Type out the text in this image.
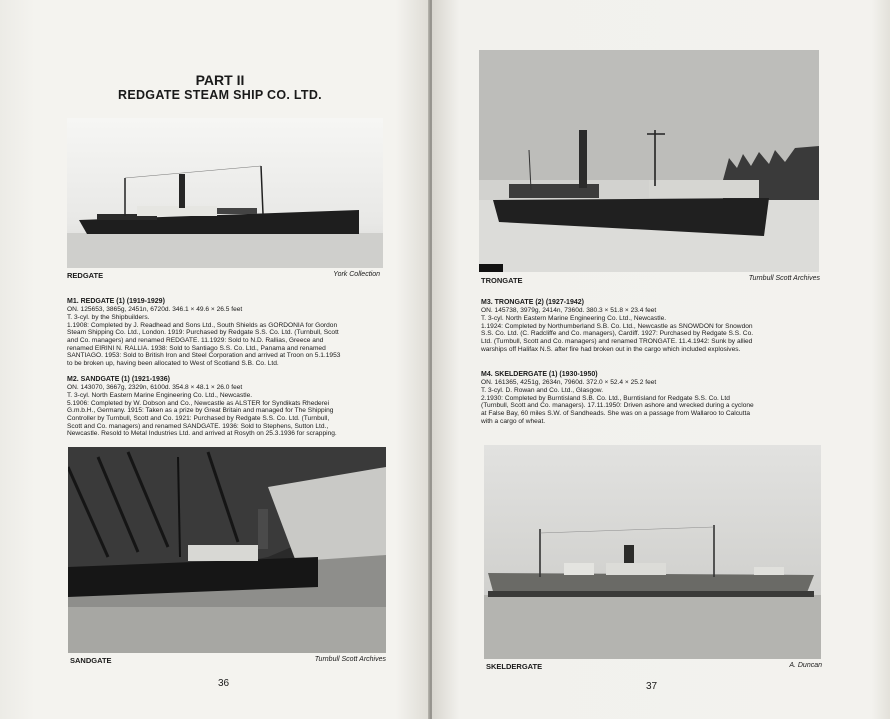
PART II
REDGATE STEAM SHIP CO. LTD.
REDGATE	York Collection
M1. REDGATE (1) (1919-1929)
ON. 125653, 3865g, 2451n, 6720d. 346.1 × 49.6 × 26.5 feet
T. 3-cyl. by the Shipbuilders.
1.1908: Completed by J. Readhead and Sons Ltd., South Shields as GORDONIA for Gordon
Steam Shipping Co. Ltd., London. 1919: Purchased by Redgate S.S. Co. Ltd. (Turnbull, Scott
and Co. managers) and renamed REDGATE. 11.1929: Sold to N.D. Rallias, Greece and
renamed EIRINI N. RALLIA. 1938: Sold to Santiago S.S. Co. Ltd., Panama and renamed
SANTIAGO. 1953: Sold to British Iron and Steel Corporation and arrived at Troon on 5.1.1953
to be broken up, having been allocated to West of Scotland S.B. Co. Ltd.
M2. SANDGATE (1) (1921-1936)
ON. 143070, 3667g, 2329n, 6100d. 354.8 × 48.1 × 26.0 feet
T. 3-cyl. North Eastern Marine Engineering Co. Ltd., Newcastle.
5.1906: Completed by W. Dobson and Co., Newcastle as ALSTER for Syndikats Rhederei
G.m.b.H., Germany. 1915: Taken as a prize by Great Britain and managed for The Shipping
Controller by Turnbull, Scott and Co. 1921: Purchased by Redgate S.S. Co. Ltd. (Turnbull,
Scott and Co. managers) and renamed SANDGATE. 1936: Sold to Stephens, Sutton Ltd.,
Newcastle. Resold to Metal Industries Ltd. and arrived at Rosyth on 25.3.1936 for scrapping.
SANDGATE	Turnbull Scott Archives
36
TRONGATE	Turnbull Scott Archives
M3. TRONGATE (2) (1927-1942)
ON. 145738, 3979g, 2414n, 7360d. 380.3 × 51.8 × 23.4 feet
T. 3-cyl. North Eastern Marine Engineering Co. Ltd., Newcastle.
1.1924: Completed by Northumberland S.B. Co. Ltd., Newcastle as SNOWDON for Snowdon
S.S. Co. Ltd. (C. Radcliffe and Co. managers), Cardiff. 1927: Purchased by Redgate S.S. Co.
Ltd. (Turnbull, Scott and Co. managers) and renamed TRONGATE. 11.4.1942: Sunk by allied
warships off Halifax N.S. after fire had broken out in the cargo which included explosives.
M4. SKELDERGATE (1) (1930-1950)
ON. 161365, 4251g, 2634n, 7960d. 372.0 × 52.4 × 25.2 feet
T. 3-cyl. D. Rowan and Co. Ltd., Glasgow.
2.1930: Completed by Burntisland S.B. Co. Ltd., Burntisland for Redgate S.S. Co. Ltd
(Turnbull, Scott and Co. managers). 17.11.1950: Driven ashore and wrecked during a cyclone
at False Bay, 60 miles S.W. of Sandheads. She was on a passage from Wallaroo to Calcutta
with a cargo of wheat.
SKELDERGATE	A. Duncan
37
